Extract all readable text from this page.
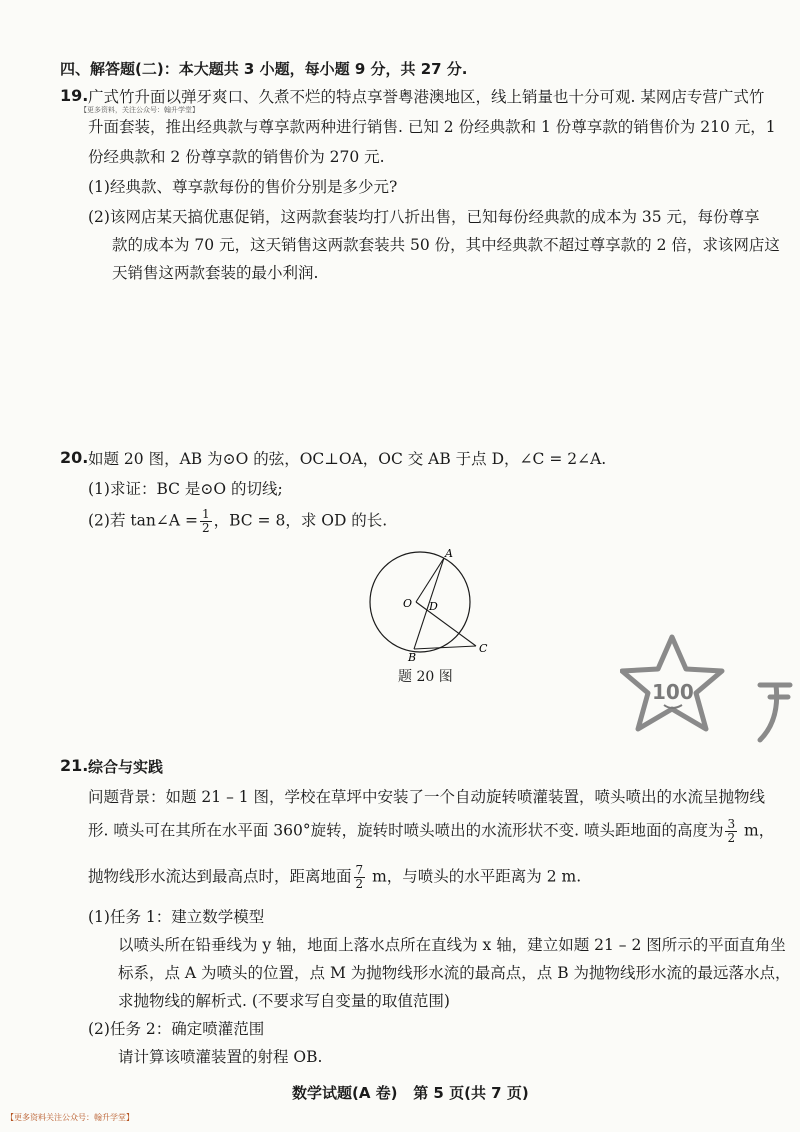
四、解答题(二)：本大题共 3 小题，每小题 9 分，共 27 分.
19. 广式竹升面以弹牙爽口、久煮不烂的特点享誉粤港澳地区，线上销量也十分可观. 某网店专营广式竹
【更多资料，关注公众号：翰升学堂】
升面套装，推出经典款与尊享款两种进行销售. 已知 2 份经典款和 1 份尊享款的销售价为 210 元，1
份经典款和 2 份尊享款的销售价为 270 元.
(1)经典款、尊享款每份的售价分别是多少元?
(2)该网店某天搞优惠促销，这两款套装均打八折出售，已知每份经典款的成本为 35 元，每份尊享
款的成本为 70 元，这天销售这两款套装共 50 份，其中经典款不超过尊享款的 2 倍，求该网店这
天销售这两款套装的最小利润.
20. 如题 20 图，AB 为⊙O 的弦，OC⊥OA，OC 交 AB 于点 D，∠C = 2∠A.
(1)求证：BC 是⊙O 的切线;
(2)若 tan∠A = $\frac{1}{2}$ ，BC = 8，求 OD 的长.
A
O D
B
C
题 20 图
100
21. 综合与实践
问题背景：如题 21 – 1 图，学校在草坪中安装了一个自动旋转喷灌装置，喷头喷出的水流呈抛物线
形. 喷头可在其所在水平面 360°旋转，旋转时喷头喷出的水流形状不变. 喷头距地面的高度为 $\frac{3}{2}$ m，
抛物线形水流达到最高点时，距离地面 $\frac{7}{2}$ m，与喷头的水平距离为 2 m.
(1)任务 1：建立数学模型
以喷头所在铅垂线为 y 轴，地面上落水点所在直线为 x 轴，建立如题 21 – 2 图所示的平面直角坐
标系，点 A 为喷头的位置，点 M 为抛物线形水流的最高点，点 B 为抛物线形水流的最远落水点，
求抛物线的解析式. (不要求写自变量的取值范围)
(2)任务 2：确定喷灌范围
请计算该喷灌装置的射程 OB.
数学试题(A 卷)   第 5 页(共 7 页)
【更多资料关注公众号：翰升学堂】
